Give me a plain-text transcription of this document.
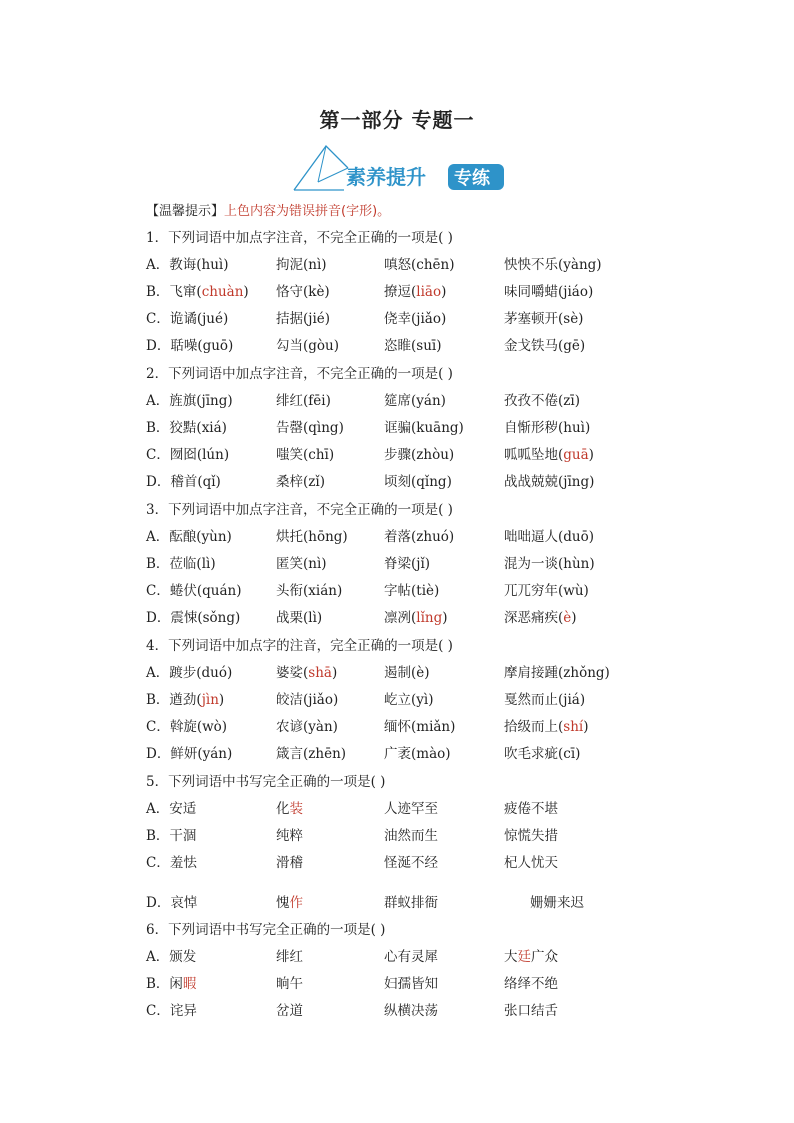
第一部分 专题一
素养提升 专练
【温馨提示】上色内容为错误拼音(字形)。
1．下列词语中加点字注音，不完全正确的一项是( )
A．教诲(huì)	拘泥(nì)	嗔怒(chēn)	怏怏不乐(yàng)
B．飞窜(chuàn) 恪守(kè)	撩逗(liāo)	味同嚼蜡(jiáo)
C．诡谲(jué)	拮据(jié)	侥幸(jiǎo)	茅塞顿开(sè)
D．聒噪(guō)	勾当(gòu)	恣睢(suī)	金戈铁马(gē)
2．下列词语中加点字注音，不完全正确的一项是( )
A．旌旗(jīng)	绯红(fēi)	筵席(yán)	孜孜不倦(zī)
B．狡黠(xiá)	告罄(qìng)	诓骗(kuāng)	自惭形秽(huì)
C．囫囵(lún)	嗤笑(chī)	步骤(zhòu)	呱呱坠地(guā)
D．稽首(qǐ)	桑梓(zǐ)	顷刻(qǐng)	战战兢兢(jīng)
3．下列词语中加点字注音，不完全正确的一项是( )
A．酝酿(yùn)	烘托(hōng)	着落(zhuó)	咄咄逼人(duō)
B．莅临(lì)	匿笑(nì)	脊梁(jǐ)	混为一谈(hùn)
C．蜷伏(quán)	头衔(xián)	字帖(tiè)	兀兀穷年(wù)
D．震悚(sǒng)	战栗(lì)	凛冽(lǐng)	深恶痛疾(è)
4．下列词语中加点字的注音，完全正确的一项是( )
A．踱步(duó)	婆娑(shā)	遏制(è)	摩肩接踵(zhǒng)
B．遒劲(jìn)	皎洁(jiǎo)	屹立(yì)	戛然而止(jiá)
C．斡旋(wò)	农谚(yàn)	缅怀(miǎn)	拾级而上(shí)
D．鲜妍(yán)	箴言(zhēn)	广袤(mào)	吹毛求疵(cī)
5．下列词语中书写完全正确的一项是( )
A．安适	化装	人迹罕至	疲倦不堪
B．干涸	纯粹	油然而生	惊慌失措
C．羞怯	滑稽	怪涎不经	杞人忧天
D．哀悼	愧作	群蚁排衙	姗姗来迟
6．下列词语中书写完全正确的一项是( )
A．颁发	绯红	心有灵犀	大廷广众
B．闲暇	晌午	妇孺皆知	络绎不绝
C．诧异	岔道	纵横决荡	张口结舌
